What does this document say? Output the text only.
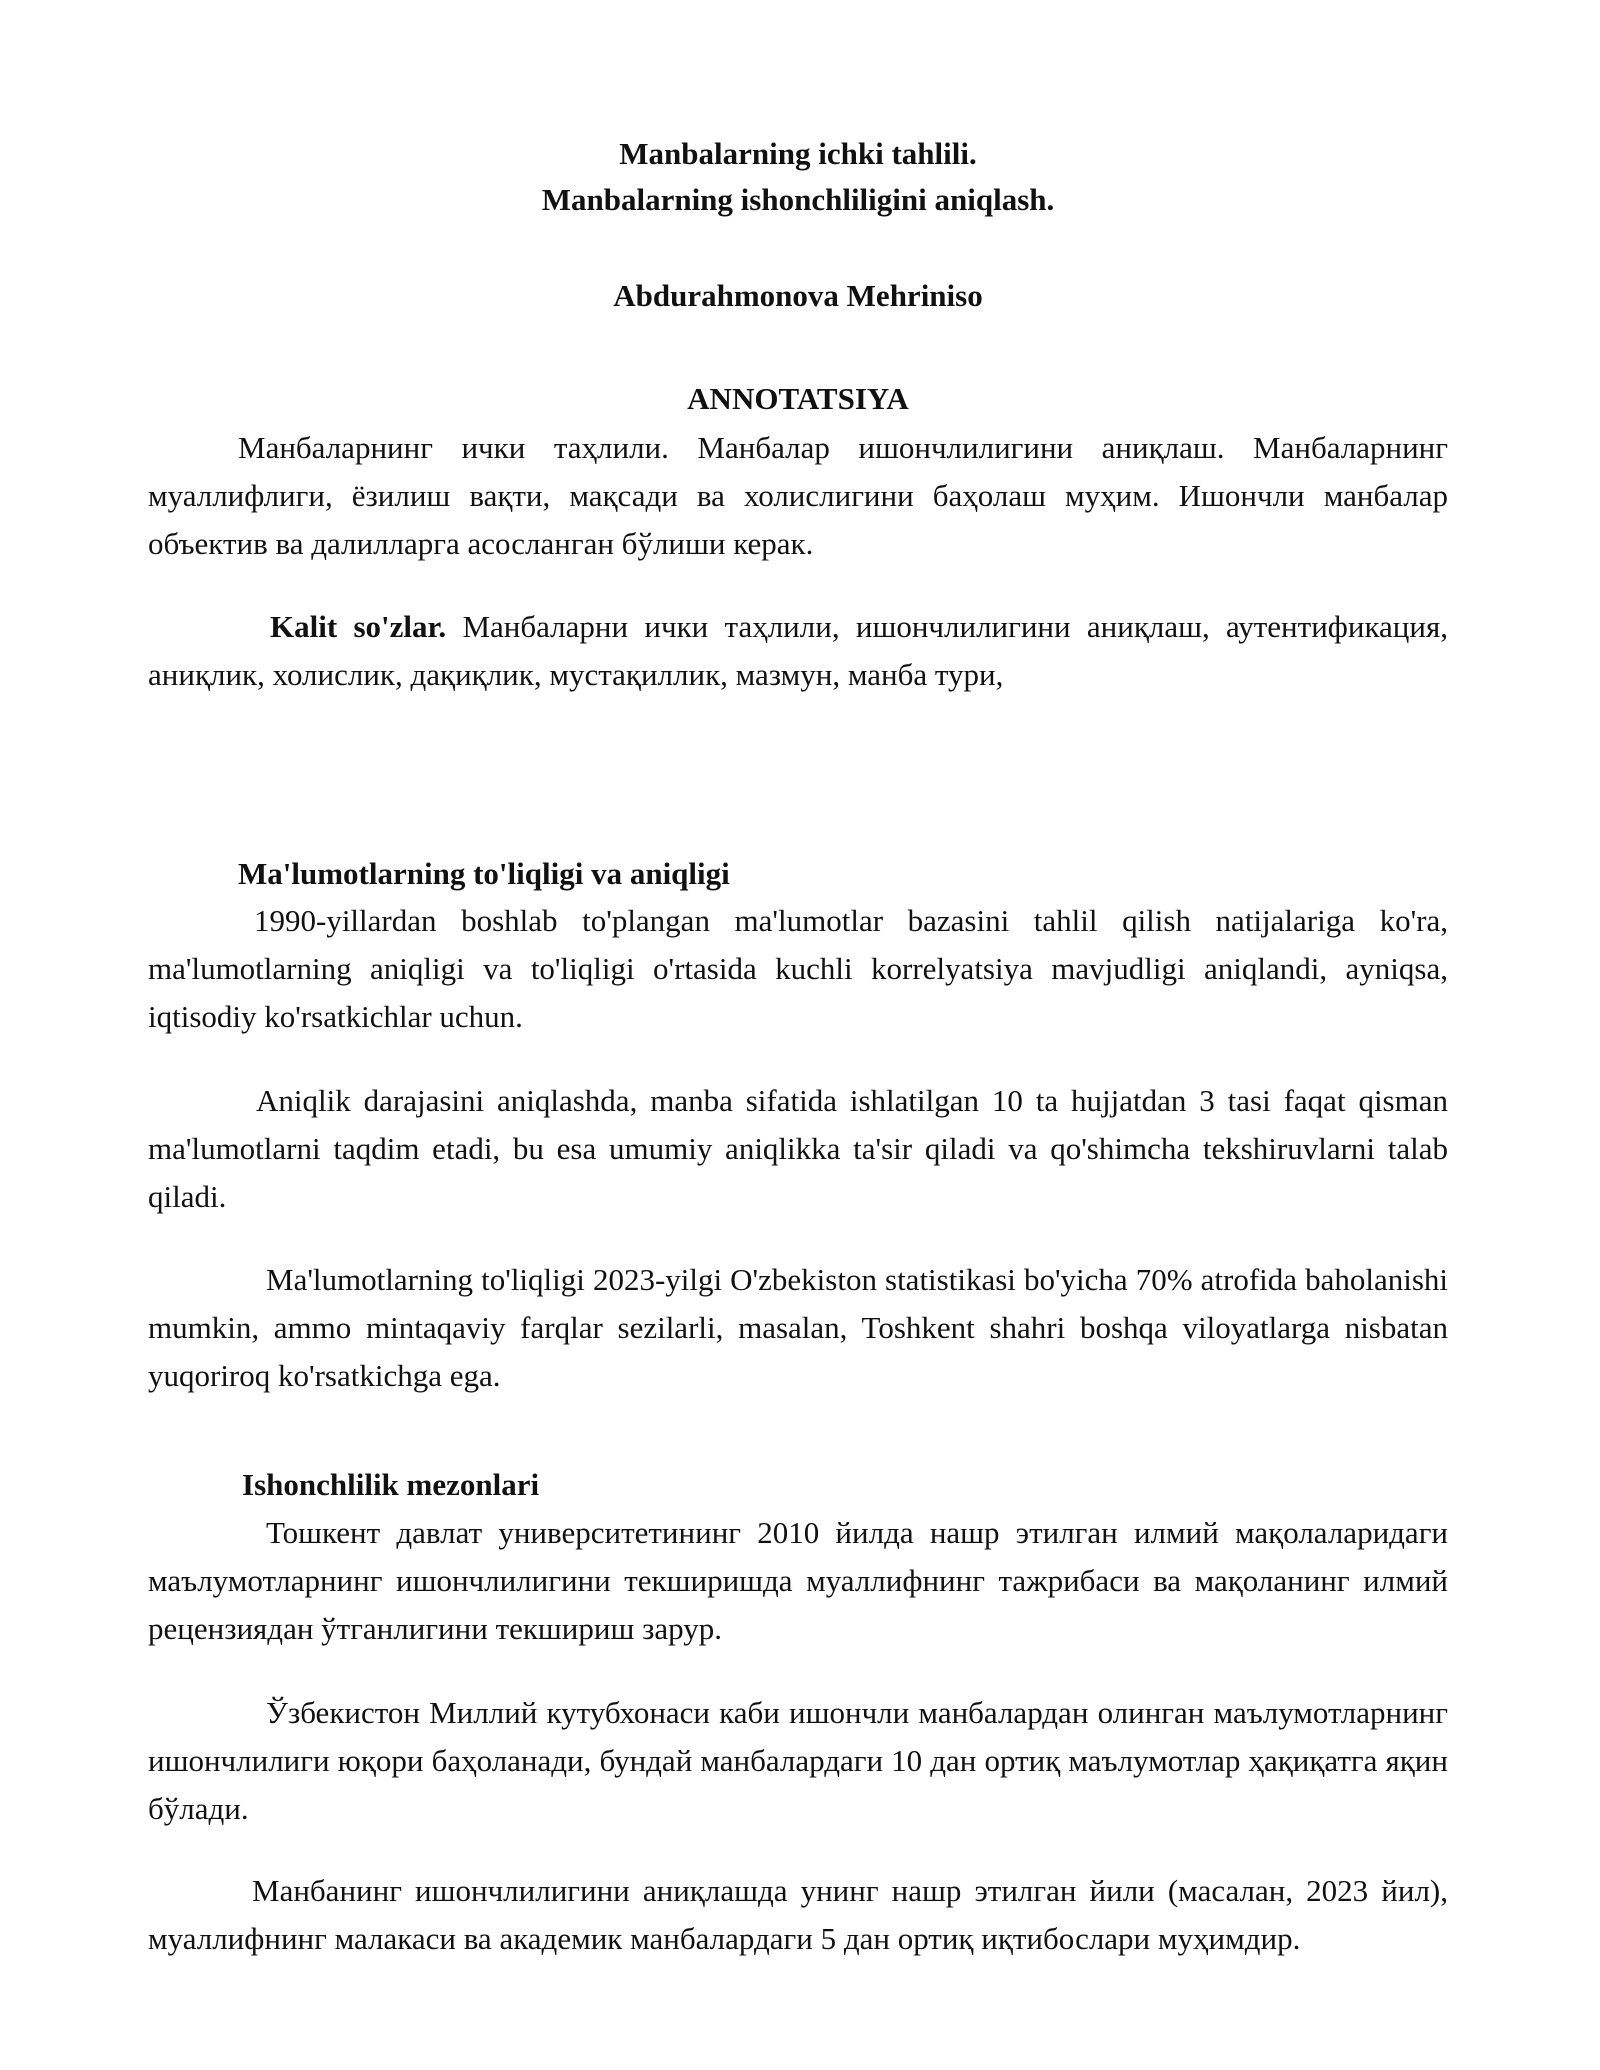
Manbalarning ichki tahlili.

Manbalarning ishonchliligini aniqlash.

Abdurahmonova Mehriniso

ANNOTATSIYA

Манбаларнинг ички таҳлили. Манбалар ишончлилигини аниқлаш. Манбаларнинг муаллифлиги, ёзилиш вақти, мақсади ва холислигини баҳолаш муҳим. Ишончли манбалар объектив ва далилларга асосланган бўлиши керак.

Kalit so'zlar. Манбаларни ички таҳлили, ишончлилигини аниқлаш, аутентификация, аниқлик, холислик, дақиқлик, мустақиллик, мазмун, манба тури,

Ma'lumotlarning to'liqligi va aniqligi

1990-yillardan boshlab to'plangan ma'lumotlar bazasini tahlil qilish natijalariga ko'ra, ma'lumotlarning aniqligi va to'liqligi o'rtasida kuchli korrelyatsiya mavjudligi aniqlandi, ayniqsa, iqtisodiy ko'rsatkichlar uchun.

Aniqlik darajasini aniqlashda, manba sifatida ishlatilgan 10 ta hujjatdan 3 tasi faqat qisman ma'lumotlarni taqdim etadi, bu esa umumiy aniqlikka ta'sir qiladi va qo'shimcha tekshiruvlarni talab qiladi.

Ma'lumotlarning to'liqligi 2023-yilgi O'zbekiston statistikasi bo'yicha 70% atrofida baholanishi mumkin, ammo mintaqaviy farqlar sezilarli, masalan, Toshkent shahri boshqa viloyatlarga nisbatan yuqoriroq ko'rsatkichga ega.

Ishonchlilik mezonlari

Тошкент давлат университетининг 2010 йилда нашр этилган илмий мақолаларидаги маълумотларнинг ишончлилигини текширишда муаллифнинг тажрибаси ва мақоланинг илмий рецензиядан ўтганлигини текшириш зарур.

Ўзбекистон Миллий кутубхонаси каби ишончли манбалардан олинган маълумотларнинг ишончлилиги юқори баҳоланади, бундай манбалардаги 10 дан ортиқ маълумотлар ҳақиқатга яқин бўлади.

Манбанинг ишончлилигини аниқлашда унинг нашр этилган йили (масалан, 2023 йил), муаллифнинг малакаси ва академик манбалардаги 5 дан ортиқ иқтибослари муҳимдир.
